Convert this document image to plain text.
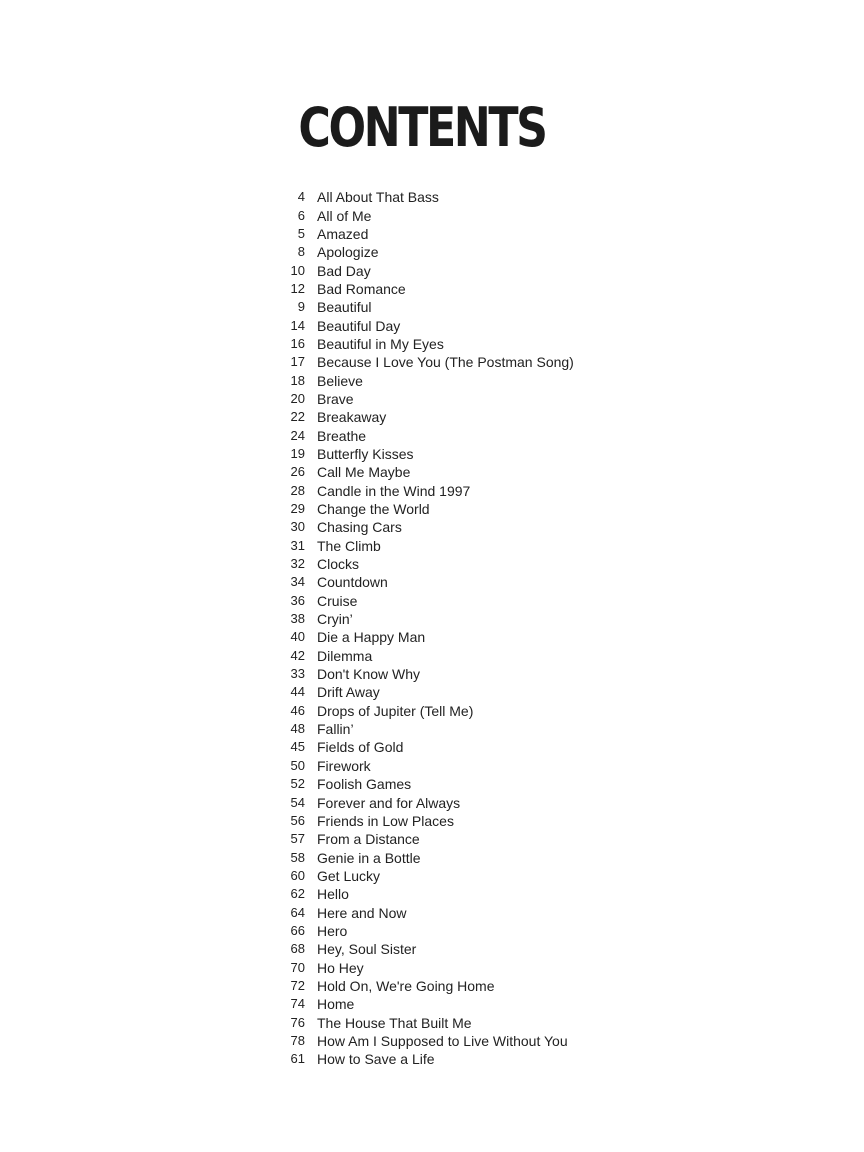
CONTENTS
4 All About That Bass
6 All of Me
5 Amazed
8 Apologize
10 Bad Day
12 Bad Romance
9 Beautiful
14 Beautiful Day
16 Beautiful in My Eyes
17 Because I Love You (The Postman Song)
18 Believe
20 Brave
22 Breakaway
24 Breathe
19 Butterfly Kisses
26 Call Me Maybe
28 Candle in the Wind 1997
29 Change the World
30 Chasing Cars
31 The Climb
32 Clocks
34 Countdown
36 Cruise
38 Cryin’
40 Die a Happy Man
42 Dilemma
33 Don't Know Why
44 Drift Away
46 Drops of Jupiter (Tell Me)
48 Fallin’
45 Fields of Gold
50 Firework
52 Foolish Games
54 Forever and for Always
56 Friends in Low Places
57 From a Distance
58 Genie in a Bottle
60 Get Lucky
62 Hello
64 Here and Now
66 Hero
68 Hey, Soul Sister
70 Ho Hey
72 Hold On, We're Going Home
74 Home
76 The House That Built Me
78 How Am I Supposed to Live Without You
61 How to Save a Life
